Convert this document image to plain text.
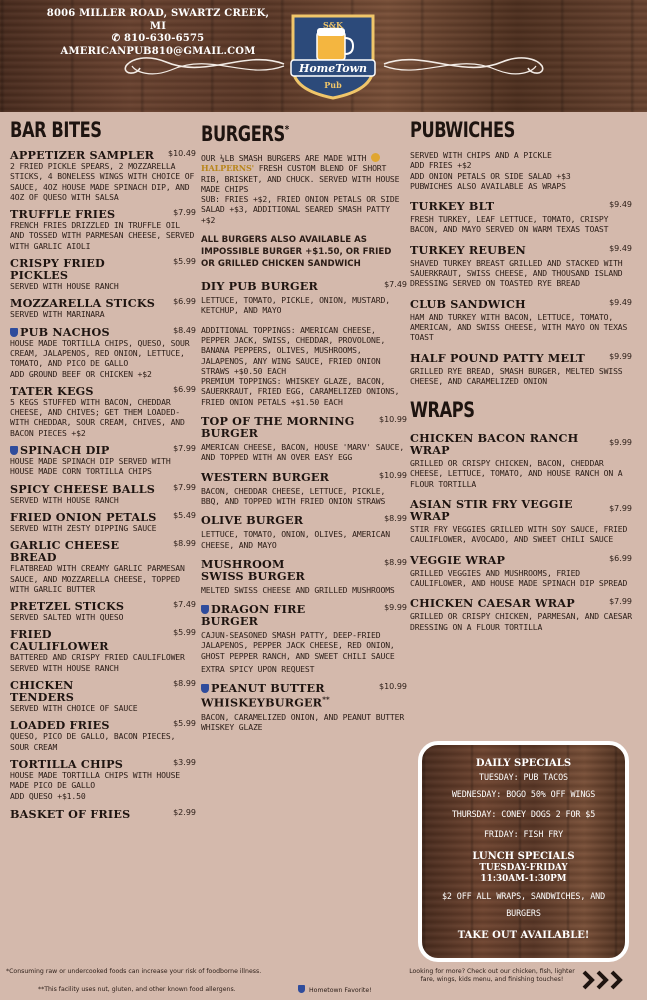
8006 MILLER ROAD, SWARTZ CREEK, MI
✆ 810-630-6575
AMERICANPUB810@GMAIL.COM
S&K
HomeTown
Pub
BAR BITES
APPETIZER SAMPLER	$10.49
2 FRIED PICKLE SPEARS, 2 MOZZARELLA STICKS, 4 BONELESS WINGS WITH CHOICE OF SAUCE, 4OZ HOUSE MADE SPINACH DIP, AND 4OZ OF QUESO WITH SALSA
TRUFFLE FRIES	$7.99
FRENCH FRIES DRIZZLED IN TRUFFLE OIL AND TOSSED WITH PARMESAN CHEESE, SERVED WITH GARLIC AIOLI
CRISPY FRIED PICKLES
$5.99
SERVED WITH HOUSE RANCH
MOZZARELLA STICKS	$6.99
SERVED WITH MARINARA
PUB NACHOS	$8.49
HOUSE MADE TORTILLA CHIPS, QUESO, SOUR CREAM, JALAPENOS, RED ONION, LETTUCE, TOMATO, AND PICO DE GALLO
ADD GROUND BEEF OR CHICKEN +$2
TATER KEGS	$6.99
5 KEGS STUFFED WITH BACON, CHEDDAR CHEESE, AND CHIVES; GET THEM LOADED- WITH CHEDDAR, SOUR CREAM, CHIVES, AND BACON PIECES +$2
SPINACH DIP	$7.99
HOUSE MADE SPINACH DIP SERVED WITH HOUSE MADE CORN TORTILLA CHIPS
SPICY CHEESE BALLS	$7.99
SERVED WITH HOUSE RANCH
FRIED ONION PETALS	$5.49
SERVED WITH ZESTY DIPPING SAUCE
GARLIC CHEESE BREAD
$8.99
FLATBREAD WITH CREAMY GARLIC PARMESAN SAUCE, AND MOZZARELLA CHEESE, TOPPED WITH GARLIC BUTTER
PRETZEL STICKS	$7.49
SERVED SALTED WITH QUESO
FRIED CAULIFLOWER
$5.99
BATTERED AND CRISPY FRIED CAULIFLOWER SERVED WITH HOUSE RANCH
CHICKEN TENDERS
$8.99
SERVED WITH CHOICE OF SAUCE
LOADED FRIES	$5.99
QUESO, PICO DE GALLO, BACON PIECES, SOUR CREAM
TORTILLA CHIPS	$3.99
HOUSE MADE TORTILLA CHIPS WITH HOUSE MADE PICO DE GALLO
ADD QUESO +$1.50
BASKET OF FRIES	$2.99
BURGERS*
OUR ¼LB SMASH BURGERS ARE MADE WITH HALPERNS' FRESH CUSTOM BLEND OF SHORT RIB, BRISKET, AND CHUCK. SERVED WITH HOUSE MADE CHIPS
SUB: FRIES +$2, FRIED ONION PETALS OR SIDE SALAD +$3, ADDITIONAL SEARED SMASH PATTY +$2
ALL BURGERS ALSO AVAILABLE AS IMPOSSIBLE BURGER +$1.50, OR FRIED OR GRILLED CHICKEN SANDWICH
DIY PUB BURGER	$7.49
LETTUCE, TOMATO, PICKLE, ONION, MUSTARD, KETCHUP, AND MAYO
ADDITIONAL TOPPINGS: AMERICAN CHEESE, PEPPER JACK, SWISS, CHEDDAR, PROVOLONE, BANANA PEPPERS, OLIVES, MUSHROOMS, JALAPENOS, ANY WING SAUCE, FRIED ONION STRAWS +$0.50 EACH
PREMIUM TOPPINGS: WHISKEY GLAZE, BACON, SAUERKRAUT, FRIED EGG, CARAMELIZED ONIONS, FRIED ONION PETALS +$1.50 EACH
TOP OF THE MORNING BURGER
$10.99
AMERICAN CHEESE, BACON, HOUSE 'MARV' SAUCE, AND TOPPED WITH AN OVER EASY EGG
WESTERN BURGER	$10.99
BACON, CHEDDAR CHEESE, LETTUCE, PICKLE, BBQ, AND TOPPED WITH FRIED ONION STRAWS
OLIVE BURGER	$8.99
LETTUCE, TOMATO, ONION, OLIVES, AMERICAN CHEESE, AND MAYO
MUSHROOM SWISS BURGER
$8.99
MELTED SWISS CHEESE AND GRILLED MUSHROOMS
DRAGON FIRE BURGER
$9.99
CAJUN-SEASONED SMASH PATTY, DEEP-FRIED JALAPENOS, PEPPER JACK CHEESE, RED ONION, GHOST PEPPER RANCH, AND SWEET CHILI SAUCE
EXTRA SPICY UPON REQUEST
PEANUT BUTTER WHISKEYBURGER**
$10.99
BACON, CARAMELIZED ONION, AND PEANUT BUTTER WHISKEY GLAZE
PUBWICHES
SERVED WITH CHIPS AND A PICKLE
ADD FRIES +$2
ADD ONION PETALS OR SIDE SALAD +$3
PUBWICHES ALSO AVAILABLE AS WRAPS
TURKEY BLT	$9.49
FRESH TURKEY, LEAF LETTUCE, TOMATO, CRISPY BACON, AND MAYO SERVED ON WARM TEXAS TOAST
TURKEY REUBEN	$9.49
SHAVED TURKEY BREAST GRILLED AND STACKED WITH SAUERKRAUT, SWISS CHEESE, AND THOUSAND ISLAND DRESSING SERVED ON TOASTED RYE BREAD
CLUB SANDWICH	$9.49
HAM AND TURKEY WITH BACON, LETTUCE, TOMATO, AMERICAN, AND SWISS CHEESE, WITH MAYO ON TEXAS TOAST
HALF POUND PATTY MELT	$9.99
GRILLED RYE BREAD, SMASH BURGER, MELTED SWISS CHEESE, AND CARAMELIZED ONION
WRAPS
CHICKEN BACON RANCH WRAP
$9.99
GRILLED OR CRISPY CHICKEN, BACON, CHEDDAR CHEESE, LETTUCE, TOMATO, AND HOUSE RANCH ON A FLOUR TORTILLA
ASIAN STIR FRY VEGGIE WRAP
$7.99
STIR FRY VEGGIES GRILLED WITH SOY SAUCE, FRIED CAULIFLOWER, AVOCADO, AND SWEET CHILI SAUCE
VEGGIE WRAP	$6.99
GRILLED VEGGIES AND MUSHROOMS, FRIED CAULIFLOWER, AND HOUSE MADE SPINACH DIP SPREAD
CHICKEN CAESAR WRAP	$7.99
GRILLED OR CRISPY CHICKEN, PARMESAN, AND CAESAR DRESSING ON A FLOUR TORTILLA
DAILY SPECIALS
TUESDAY: PUB TACOS
WEDNESDAY: BOGO 50% OFF WINGS
THURSDAY: CONEY DOGS 2 FOR $5
FRIDAY: FISH FRY
LUNCH SPECIALS
TUESDAY-FRIDAY
11:30AM-1:30PM
$2 OFF ALL WRAPS, SANDWICHES, AND BURGERS
TAKE OUT AVAILABLE!
*Consuming raw or undercooked foods can increase your risk of foodborne illness.
**This facility uses nut, gluten, and other known food allergens.	Hometown Favorite!
Looking for more? Check out our chicken, fish, lighter fare, wings, kids menu, and finishing touches!
